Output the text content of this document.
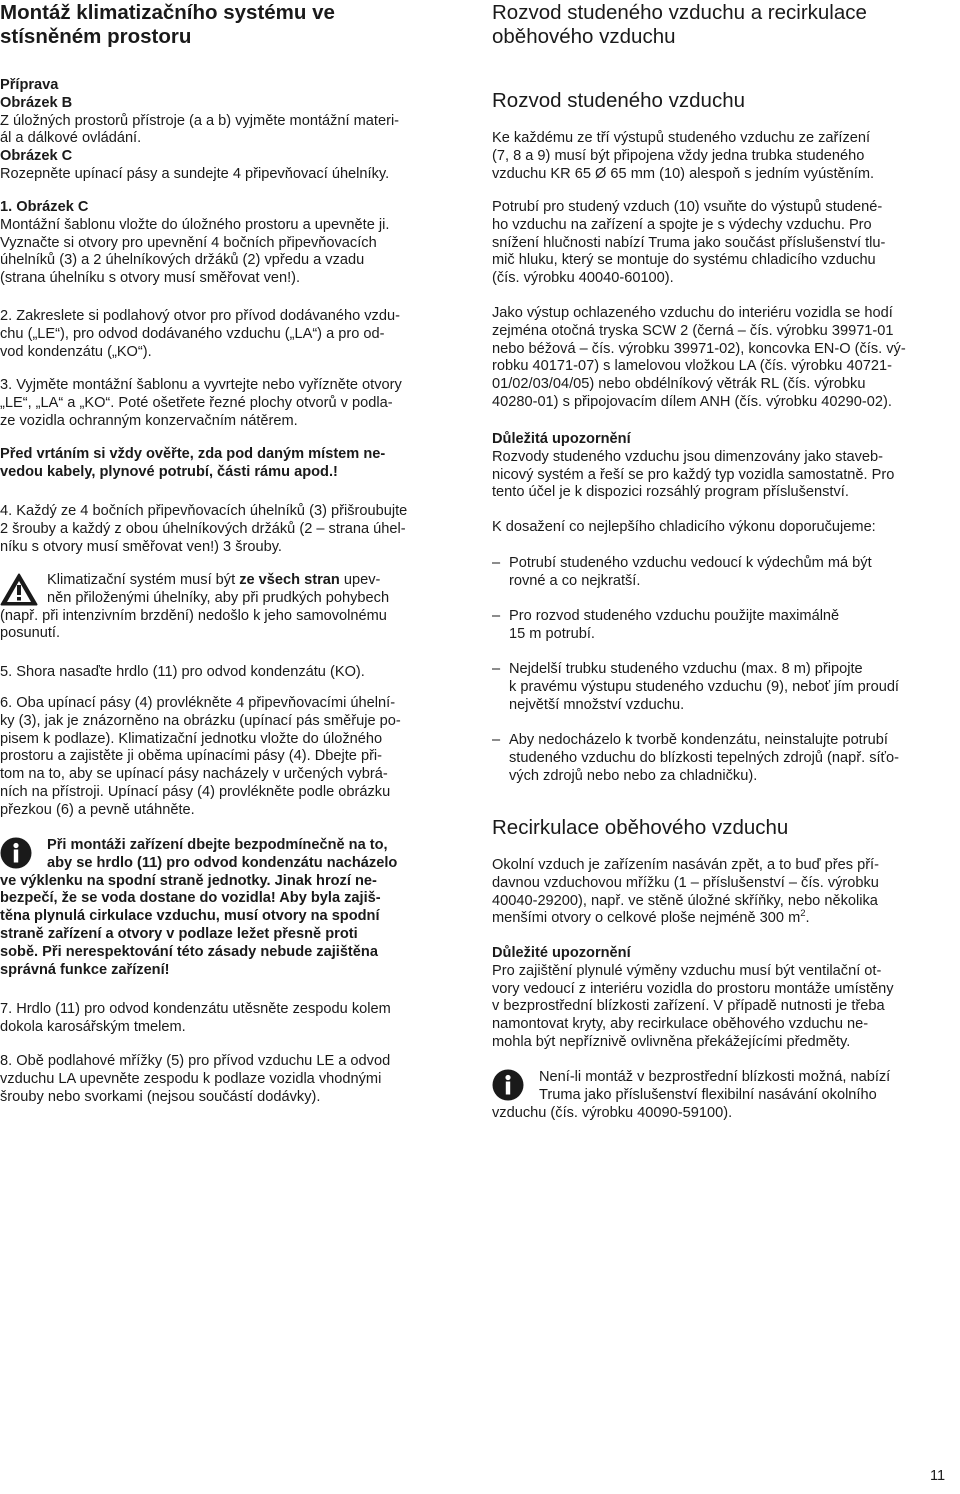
Montáž klimatizačního systému ve
stísněném prostoru
Příprava
Obrázek B
Z úložných prostorů přístroje (a a b) vyjměte montážní materi-
ál a dálkové ovládání.
Obrázek C
Rozepněte upínací pásy a sundejte 4 připevňovací úhelníky.
1. Obrázek C
Montážní šablonu vložte do úložného prostoru a upevněte ji.
Vyznačte si otvory pro upevnění 4 bočních připevňovacích
úhelníků (3) a 2 úhelníkových držáků (2) vpředu a vzadu
(strana úhelníku s otvory musí směřovat ven!).
2. Zakreslete si podlahový otvor pro přívod dodávaného vzdu-
chu („LE“), pro odvod dodávaného vzduchu („LA“) a pro od-
vod kondenzátu („KO“).
3. Vyjměte montážní šablonu a vyvrtejte nebo vyřízněte otvory
„LE“, „LA“ a „KO“. Poté ošetřete řezné plochy otvorů v podla-
ze vozidla ochranným konzervačním nátěrem.
Před vrtáním si vždy ověřte, zda pod daným místem ne-
vedou kabely, plynové potrubí, části rámu apod.!
4. Každý ze 4 bočních připevňovacích úhelníků (3) přišroubujte
2 šrouby a každý z obou úhelníkových držáků (2 – strana úhel-
níku s otvory musí směřovat ven!) 3 šrouby.
Klimatizační systém musí být ze všech stran upev-
něn přiloženými úhelníky, aby při prudkých pohybech
(např. při intenzivním brzdění) nedošlo k jeho samovolnému
posunutí.
5. Shora nasaďte hrdlo (11) pro odvod kondenzátu (KO).
6. Oba upínací pásy (4) provlékněte 4 připevňovacími úhelní-
ky (3), jak je znázorněno na obrázku (upínací pás směřuje po-
pisem k podlaze). Klimatizační jednotku vložte do úložného
prostoru a zajistěte ji oběma upínacími pásy (4). Dbejte při-
tom na to, aby se upínací pásy nacházely v určených vybrá-
ních na přístroji. Upínací pásy (4) provlékněte podle obrázku
přezkou (6) a pevně utáhněte.
Při montáži zařízení dbejte bezpodmínečně na to,
aby se hrdlo (11) pro odvod kondenzátu nacházelo
ve výklenku na spodní straně jednotky. Jinak hrozí ne-
bezpečí, že se voda dostane do vozidla! Aby byla zajiš-
těna plynulá cirkulace vzduchu, musí otvory na spodní
straně zařízení a otvory v podlaze ležet přesně proti
sobě. Při nerespektování této zásady nebude zajištěna
správná funkce zařízení!
7. Hrdlo (11) pro odvod kondenzátu utěsněte zespodu kolem
dokola karosářským tmelem.
8. Obě podlahové mřížky (5) pro přívod vzduchu LE a odvod
vzduchu LA upevněte zespodu k podlaze vozidla vhodnými
šrouby nebo svorkami (nejsou součástí dodávky).
Rozvod studeného vzduchu a recirkulace
oběhového vzduchu
Rozvod studeného vzduchu
Ke každému ze tří výstupů studeného vzduchu ze zařízení
(7, 8 a 9) musí být připojena vždy jedna trubka studeného
vzduchu KR 65 Ø 65 mm (10) alespoň s jedním vyústěním.
Potrubí pro studený vzduch (10) vsuňte do výstupů studené-
ho vzduchu na zařízení a spojte je s výdechy vzduchu. Pro
snížení hlučnosti nabízí Truma jako součást příslušenství tlu-
mič hluku, který se montuje do systému chladicího vzduchu
(čís. výrobku 40040-60100).
Jako výstup ochlazeného vzduchu do interiéru vozidla se hodí
zejména otočná tryska SCW 2 (černá – čís. výrobku 39971-01
nebo béžová – čís. výrobku 39971-02), koncovka EN-O (čís. vý-
robku 40171-07) s lamelovou vložkou LA (čís. výrobku 40721-
01/02/03/04/05) nebo obdélníkový větrák RL (čís. výrobku
40280-01) s připojovacím dílem ANH (čís. výrobku 40290-02).
Důležitá upozornění
Rozvody studeného vzduchu jsou dimenzovány jako staveb-
nicový systém a řeší se pro každý typ vozidla samostatně. Pro
tento účel je k dispozici rozsáhlý program příslušenství.
K dosažení co nejlepšího chladicího výkonu doporučujeme:
– Potrubí studeného vzduchu vedoucí k výdechům má být
rovné a co nejkratší.
– Pro rozvod studeného vzduchu použijte maximálně
15 m potrubí.
– Nejdelší trubku studeného vzduchu (max. 8 m) připojte
k pravému výstupu studeného vzduchu (9), neboť jím proudí
největší množství vzduchu.
– Aby nedocházelo k tvorbě kondenzátu, neinstalujte potrubí
studeného vzduchu do blízkosti tepelných zdrojů (např. síťo-
vých zdrojů nebo nebo za chladničku).
Recirkulace oběhového vzduchu
Okolní vzduch je zařízením nasáván zpět, a to buď přes pří-
davnou vzduchovou mřížku (1 – příslušenství – čís. výrobku
40040-29200), např. ve stěně úložné skříňky, nebo několika
menšími otvory o celkové ploše nejméně 300 $m^2$.
Důležité upozornění
Pro zajištění plynulé výměny vzduchu musí být ventilační ot-
vory vedoucí z interiéru vozidla do prostoru montáže umístěny
v bezprostřední blízkosti zařízení. V případě nutnosti je třeba
namontovat kryty, aby recirkulace oběhového vzduchu ne-
mohla být nepříznivě ovlivněna překážejícími předměty.
Není-li montáž v bezprostřední blízkosti možná, nabízí
Truma jako příslušenství flexibilní nasávání okolního
vzduchu (čís. výrobku 40090-59100).
11
